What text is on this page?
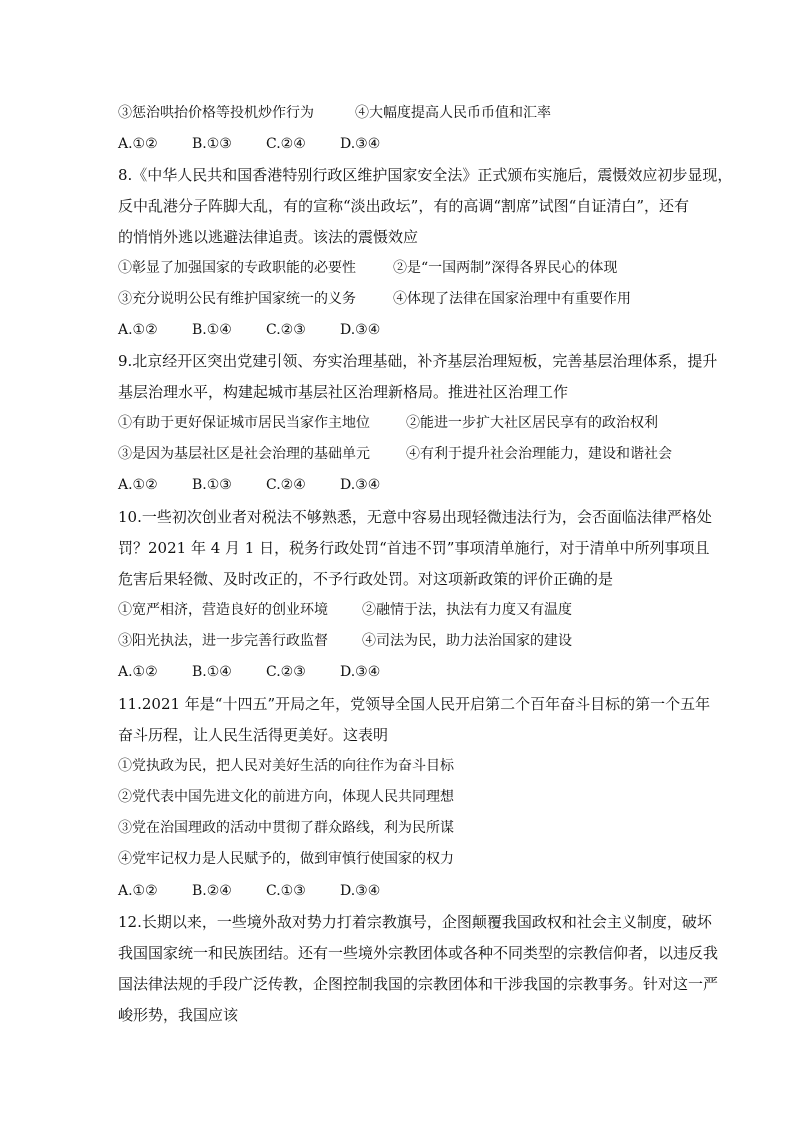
③惩治哄抬价格等投机炒作行为	④大幅度提高人民币币值和汇率
A.①② B.①③ C.②④ D.③④
8.《中华人民共和国香港特别行政区维护国家安全法》正式颁布实施后，震慑效应初步显现，
反中乱港分子阵脚大乱，有的宣称“淡出政坛”，有的高调“割席”试图“自证清白”，还有
的悄悄外逃以逃避法律追责。该法的震慑效应
①彰显了加强国家的专政职能的必要性	②是“一国两制”深得各界民心的体现
③充分说明公民有维护国家统一的义务	④体现了法律在国家治理中有重要作用
A.①② B.①④ C.②③ D.③④
9.北京经开区突出党建引领、夯实治理基础，补齐基层治理短板，完善基层治理体系，提升
基层治理水平，构建起城市基层社区治理新格局。推进社区治理工作
①有助于更好保证城市居民当家作主地位	②能进一步扩大社区居民享有的政治权利
③是因为基层社区是社会治理的基础单元	④有利于提升社会治理能力，建设和谐社会
A.①② B.①③ C.②④ D.③④
10.一些初次创业者对税法不够熟悉，无意中容易出现轻微违法行为，会否面临法律严格处
罚？2021 年 4 月 1 日，税务行政处罚“首违不罚”事项清单施行，对于清单中所列事项且
危害后果轻微、及时改正的，不予行政处罚。对这项新政策的评价正确的是
①宽严相济，营造良好的创业环境 ②融情于法，执法有力度又有温度
③阳光执法，进一步完善行政监督 ④司法为民，助力法治国家的建设
A.①② B.①④ C.②③ D.③④
11.2021 年是“十四五”开局之年，党领导全国人民开启第二个百年奋斗目标的第一个五年
奋斗历程，让人民生活得更美好。这表明
①党执政为民，把人民对美好生活的向往作为奋斗目标
②党代表中国先进文化的前进方向，体现人民共同理想
③党在治国理政的活动中贯彻了群众路线，利为民所谋
④党牢记权力是人民赋予的，做到审慎行使国家的权力
A.①② B.②④ C.①③ D.③④
12.长期以来，一些境外敌对势力打着宗教旗号，企图颠覆我国政权和社会主义制度，破坏
我国国家统一和民族团结。还有一些境外宗教团体或各种不同类型的宗教信仰者，以违反我
国法律法规的手段广泛传教，企图控制我国的宗教团体和干涉我国的宗教事务。针对这一严
峻形势，我国应该
